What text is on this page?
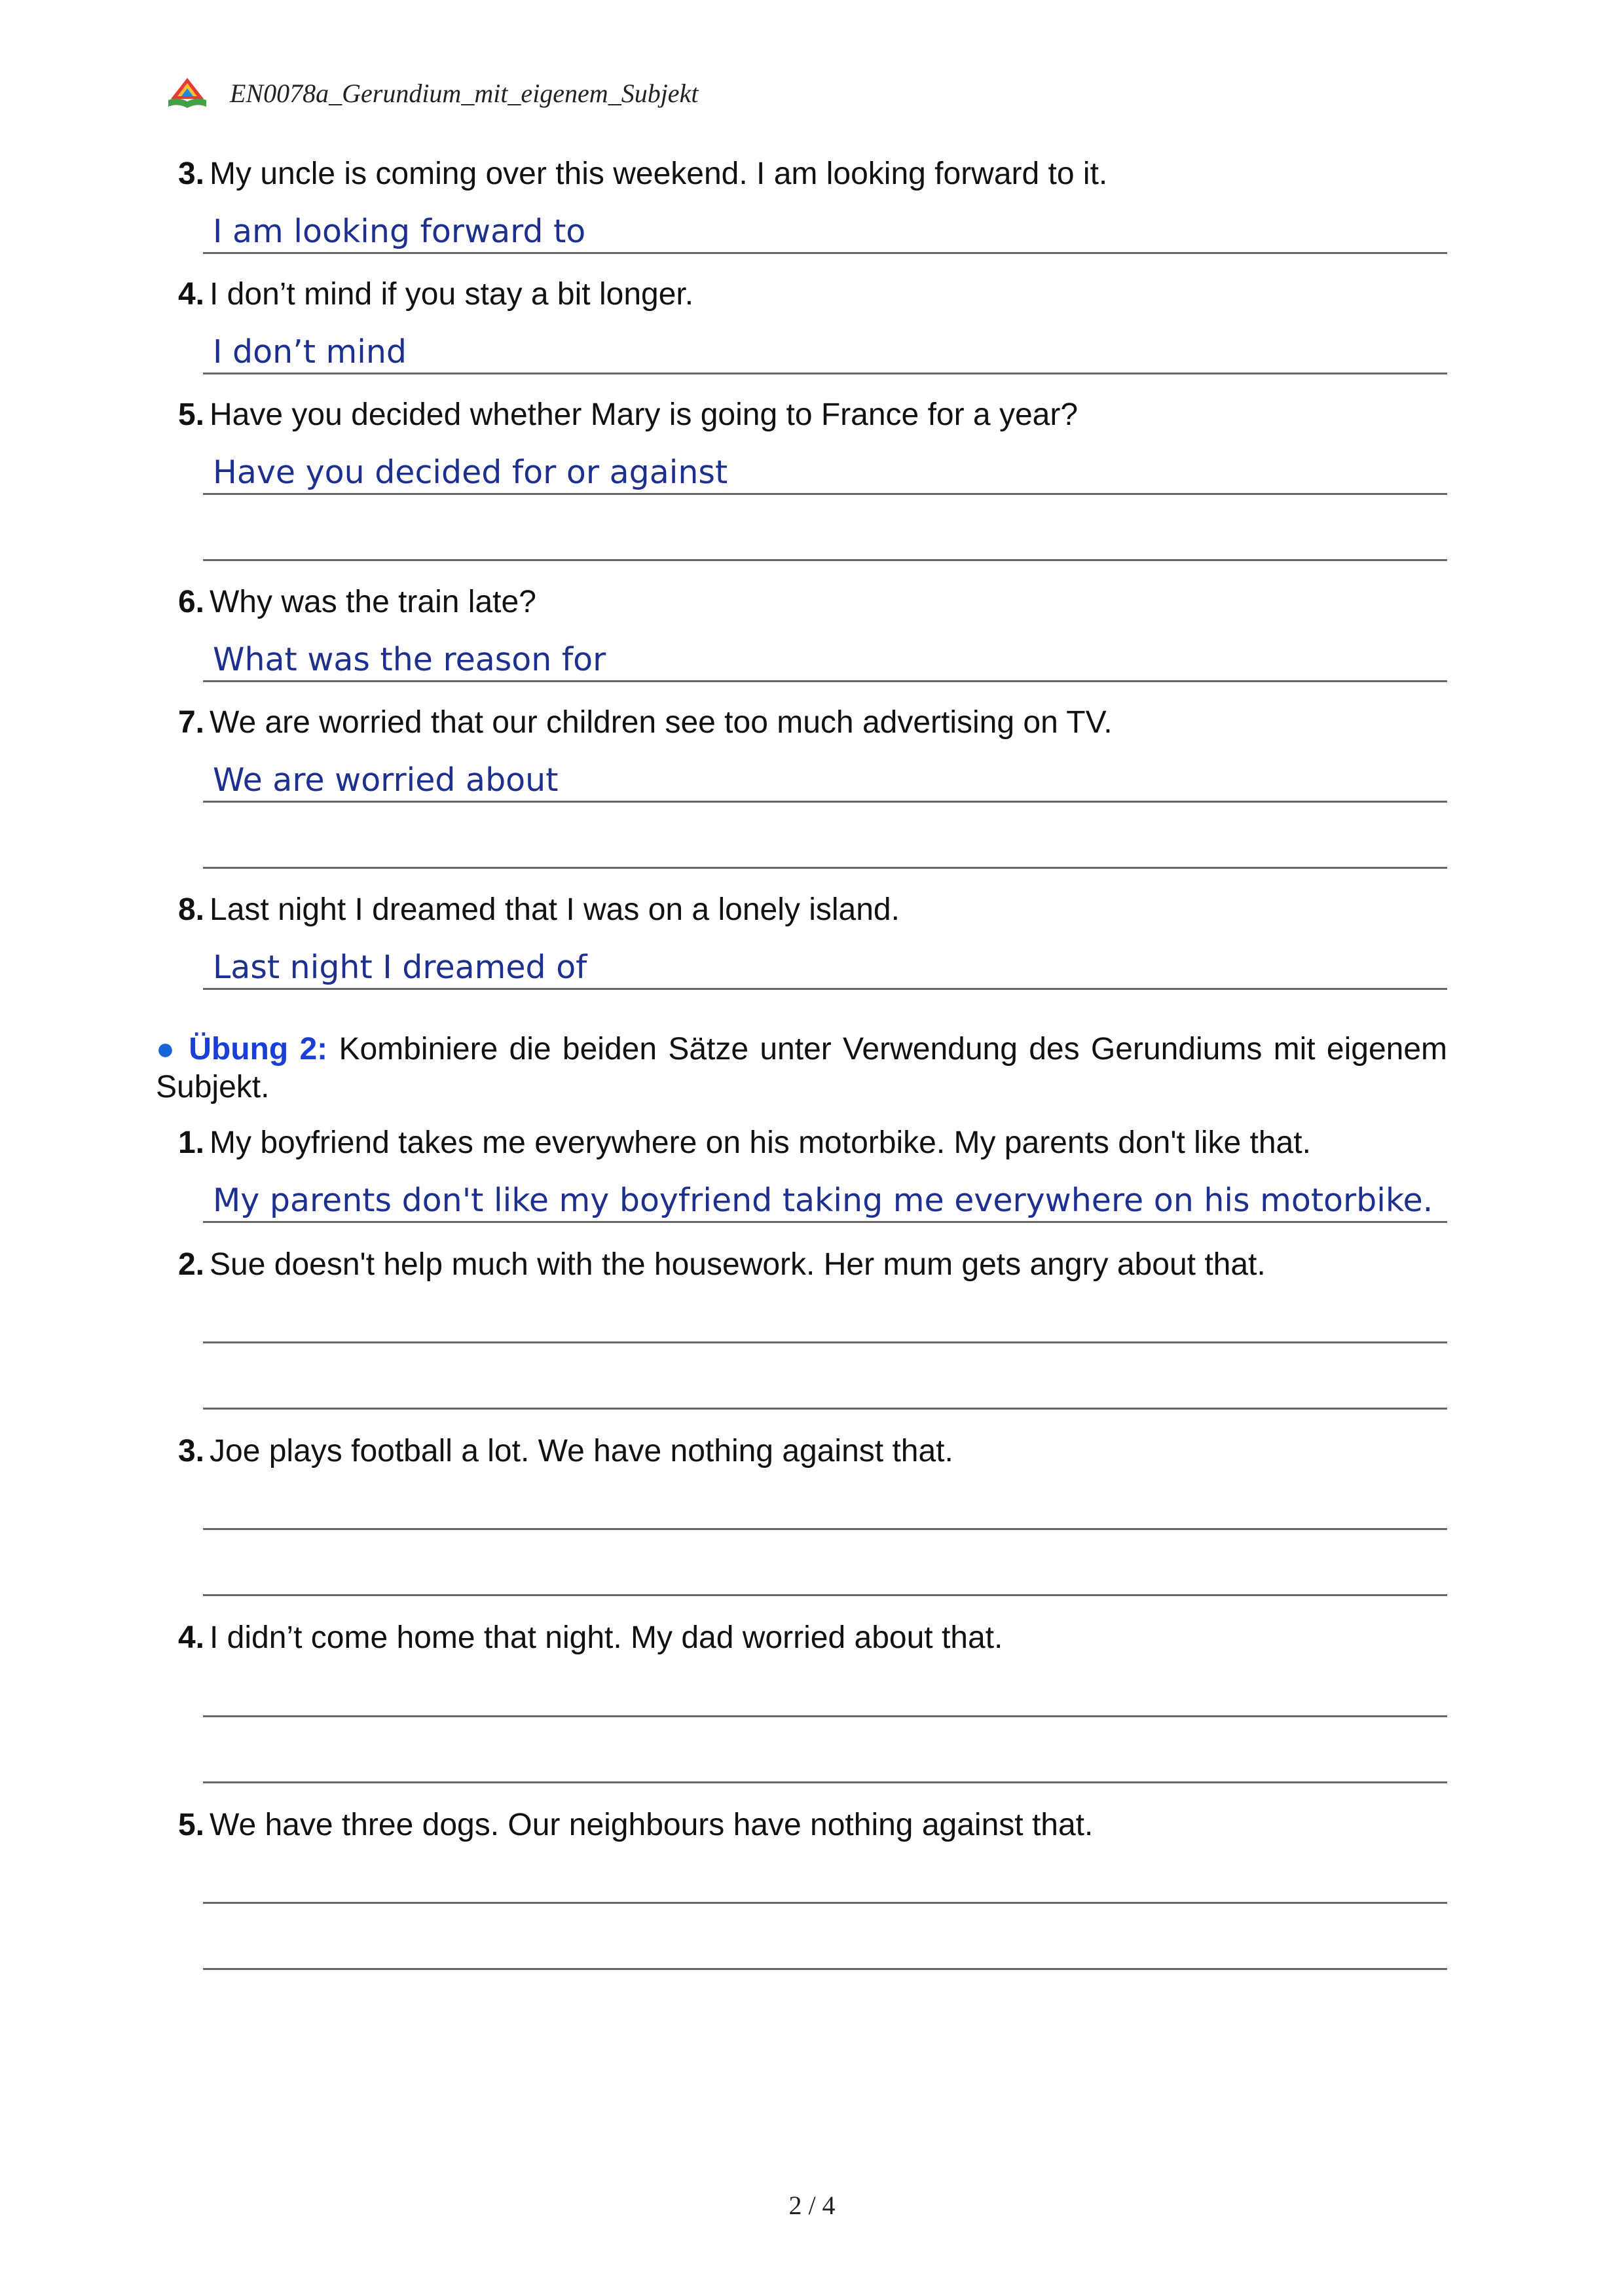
EN0078a_Gerundium_mit_eigenem_Subjekt
3. My uncle is coming over this weekend. I am looking forward to it.
I am looking forward to
4. I don’t mind if you stay a bit longer.
I don’t mind
5. Have you decided whether Mary is going to France for a year?
Have you decided for or against
6. Why was the train late?
What was the reason for
7. We are worried that our children see too much advertising on TV.
We are worried about
8. Last night I dreamed that I was on a lonely island.
Last night I dreamed of
● Übung 2: Kombiniere die beiden Sätze unter Verwendung des Gerundiums mit eigenem Subjekt.
1. My boyfriend takes me everywhere on his motorbike. My parents don't like that.
My parents don't like my boyfriend taking me everywhere on his motorbike.
2. Sue doesn't help much with the housework. Her mum gets angry about that.
3. Joe plays football a lot. We have nothing against that.
4. I didn’t come home that night. My dad worried about that.
5. We have three dogs. Our neighbours have nothing against that.
2 / 4
